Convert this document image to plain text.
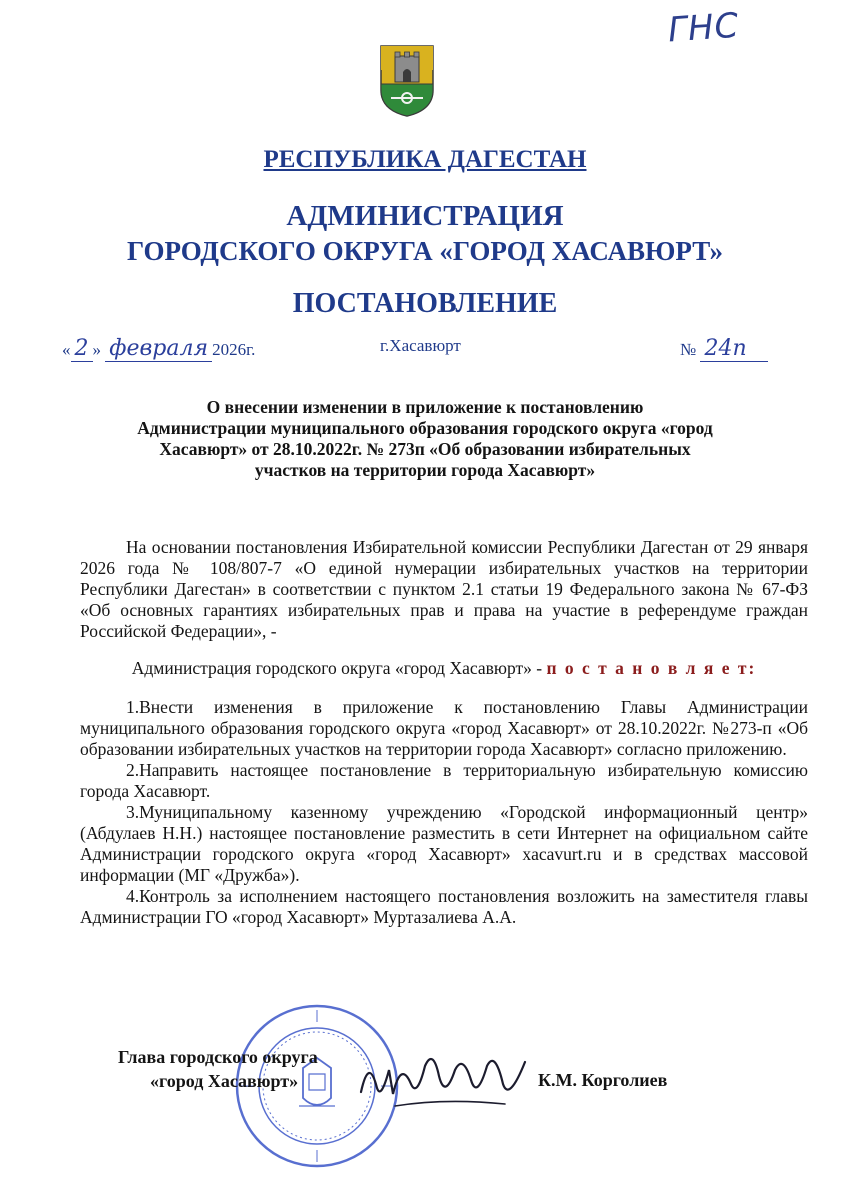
ГНС
РЕСПУБЛИКА ДАГЕСТАН
АДМИНИСТРАЦИЯ
ГОРОДСКОГО ОКРУГА «ГОРОД ХАСАВЮРТ»
ПОСТАНОВЛЕНИЕ
« 2 » февраля 2026г.	г.Хасавюрт	№ 24п
О внесении изменении в приложение к постановлению
Администрации муниципального образования городского округа «город
Хасавюрт» от 28.10.2022г. № 273п «Об образовании избирательных
участков на территории города Хасавюрт»

На основании постановления Избирательной комиссии Республики Дагестан от 29 января 2026 года № 108/807-7 «О единой нумерации избирательных участков на территории Республики Дагестан» в соответствии с пунктом 2.1 статьи 19 Федерального закона № 67-ФЗ «Об основных гарантиях избирательных прав и права на участие в референдуме граждан Российской Федерации», -

Администрация городского округа «город Хасавюрт» - п о с т а н о в л я е т:

1.Внести изменения в приложение к постановлению Главы Администрации муниципального образования городского округа «город Хасавюрт» от 28.10.2022г. №273-п «Об образовании избирательных участков на территории города Хасавюрт» согласно приложению.

2.Направить настоящее постановление в территориальную избирательную комиссию города Хасавюрт.

3.Муниципальному казенному учреждению «Городской информационный центр» (Абдулаев Н.Н.) настоящее постановление разместить в сети Интернет на официальном сайте Администрации городского округа «город Хасавюрт» xacavurt.ru и в средствах массовой информации (МГ «Дружба»).

4.Контроль за исполнением настоящего постановления возложить на заместителя главы Администрации ГО «город Хасавюрт» Муртазалиева А.А.

Глава городского округа
«город Хасавюрт»	К.М. Корголиев
